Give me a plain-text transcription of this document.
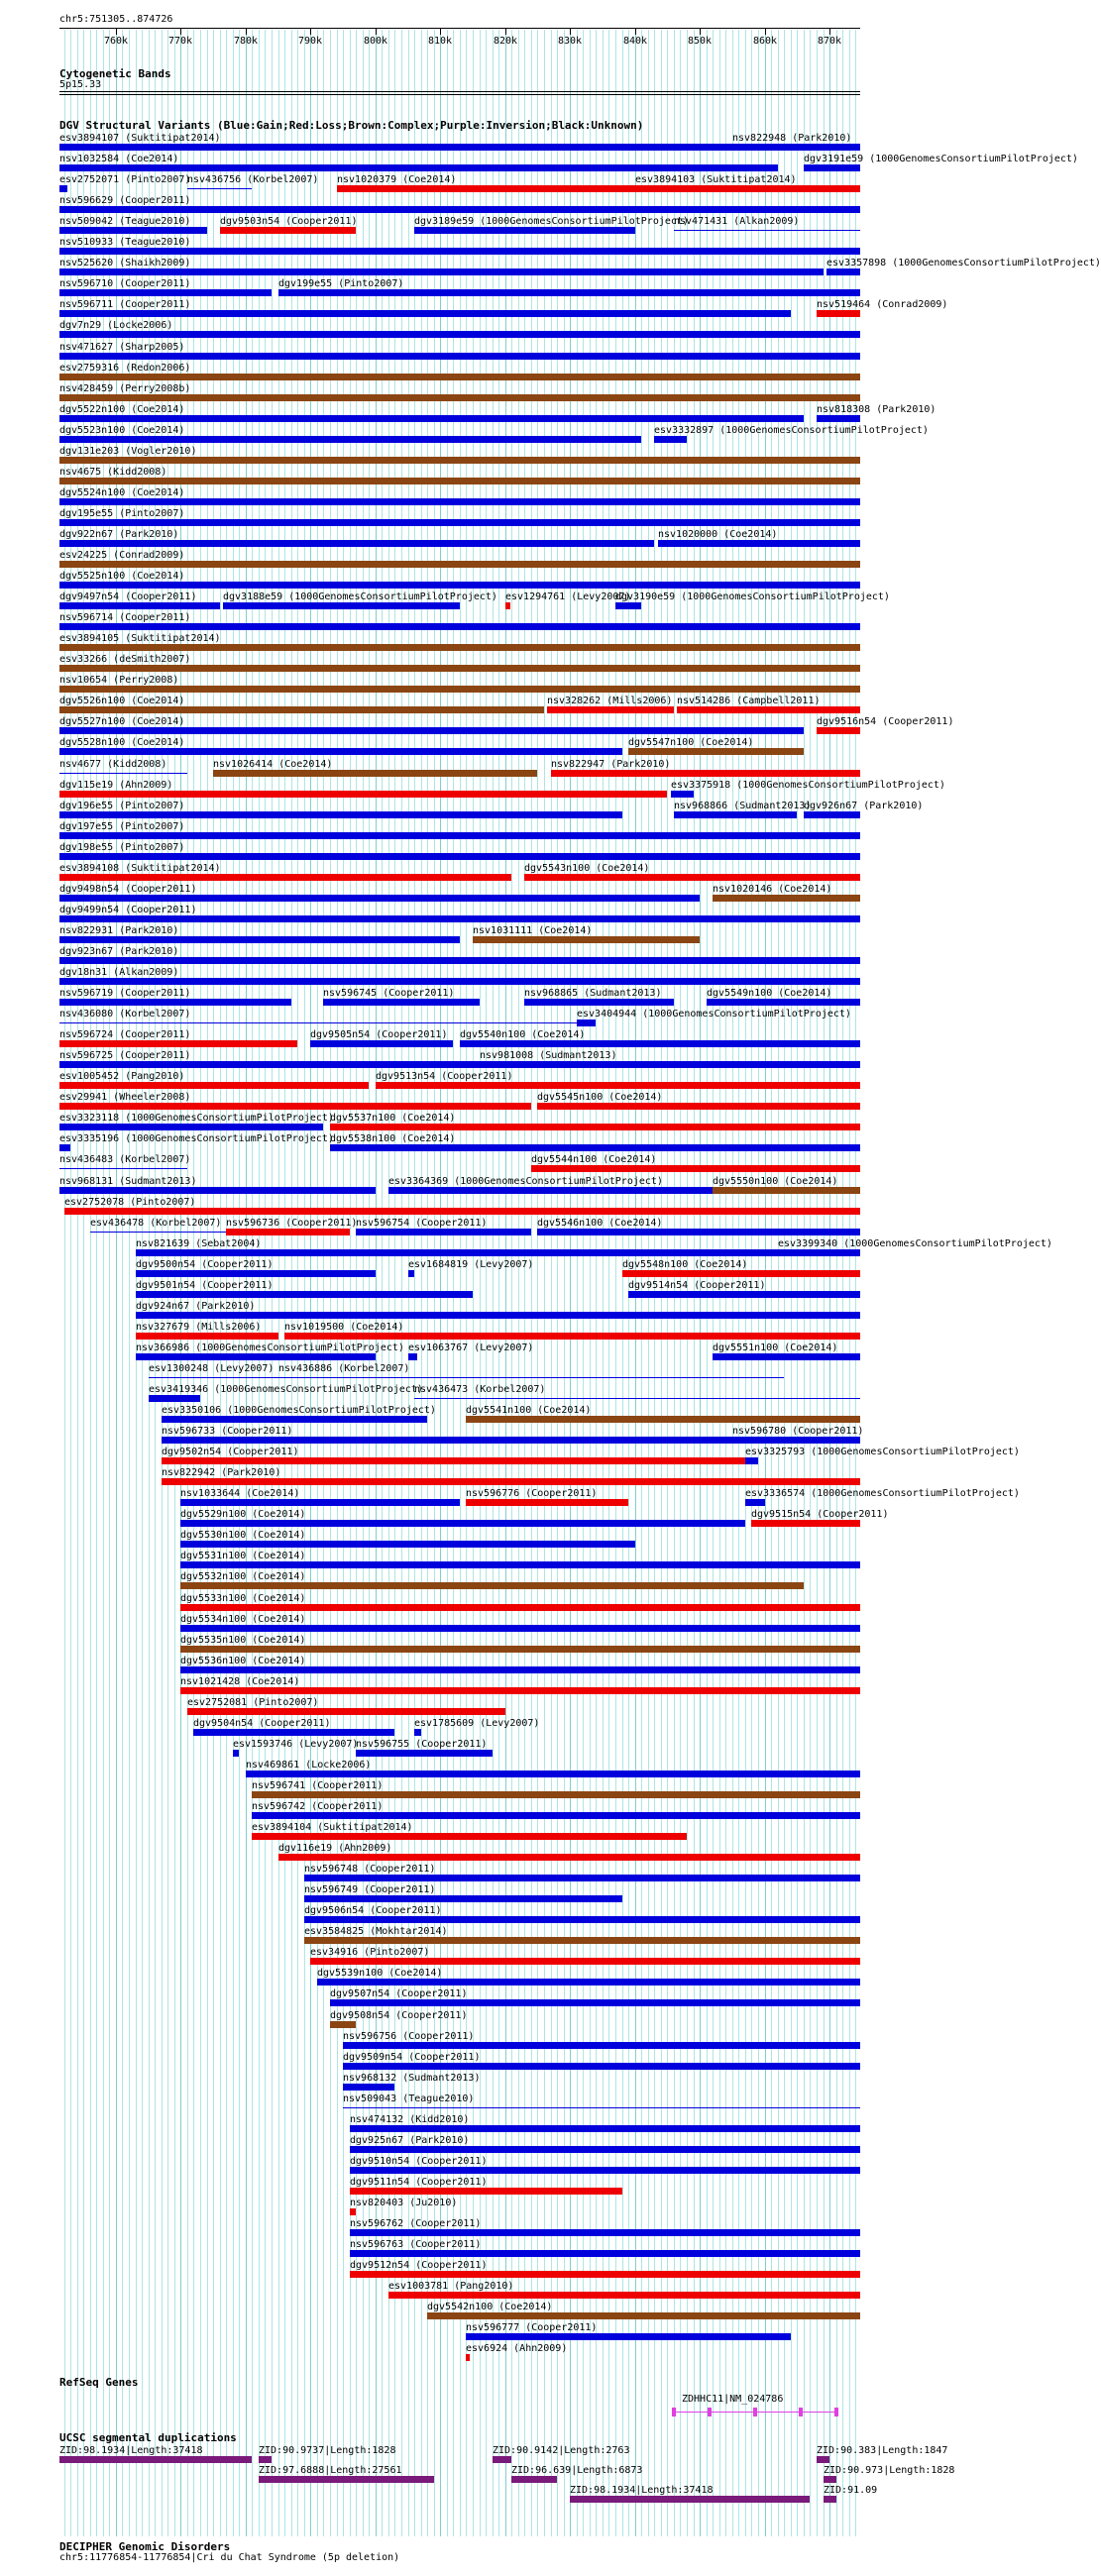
chr5:751305..874726
760k	770k	780k	790k	800k	810k	820k	830k	840k	850k	860k	870k
Cytogenetic Bands
5p15.33
DGV Structural Variants (Blue:Gain;Red:Loss;Brown:Complex;Purple:Inversion;Black:Unknown)
esv3894107 (Suktitipat2014)	nsv822948 (Park2010)
nsv1032584 (Coe2014)	dgv3191e59 (1000GenomesConsortiumPilotProject)
esv2752071 (Pinto2007)
nsv436756 (Korbel2007) nsv1020379 (Coe2014)	esv3894103 (Suktitipat2014)
nsv596629 (Cooper2011)
nsv509042 (Teague2010)	dgv9503n54 (Cooper2011)	dgv3189e59 (1000GenomesConsortiumPilotProject)
nsv471431 (Alkan2009)
nsv510933 (Teague2010)
nsv525620 (Shaikh2009)	esv3357898 (1000GenomesConsortiumPilotProject)
nsv596710 (Cooper2011)	dgv199e55 (Pinto2007)
nsv596711 (Cooper2011)	nsv519464 (Conrad2009)
dgv7n29 (Locke2006)
nsv471627 (Sharp2005)
esv2759316 (Redon2006)
nsv428459 (Perry2008b)
dgv5522n100 (Coe2014)	nsv818308 (Park2010)
dgv5523n100 (Coe2014)	esv3332897 (1000GenomesConsortiumPilotProject)
dgv131e203 (Vogler2010)
nsv4675 (Kidd2008)
dgv5524n100 (Coe2014)
dgv195e55 (Pinto2007)
dgv922n67 (Park2010)	nsv1020000 (Coe2014)
esv24225 (Conrad2009)
dgv5525n100 (Coe2014)
dgv9497n54 (Cooper2011)	dgv3188e59 (1000GenomesConsortiumPilotProject) esv1294761 (Levy2007)
dgv3190e59 (1000GenomesConsortiumPilotProject)
nsv596714 (Cooper2011)
esv3894105 (Suktitipat2014)
esv33266 (deSmith2007)
nsv10654 (Perry2008)
dgv5526n100 (Coe2014)	nsv328262 (Mills2006) nsv514286 (Campbell2011)
dgv5527n100 (Coe2014)	dgv9516n54 (Cooper2011)
dgv5528n100 (Coe2014)	dgv5547n100 (Coe2014)
nsv4677 (Kidd2008)	nsv1026414 (Coe2014)	nsv822947 (Park2010)
dgv115e19 (Ahn2009)	esv3375918 (1000GenomesConsortiumPilotProject)
dgv196e55 (Pinto2007)	nsv968866 (Sudmant2013)
dgv926n67 (Park2010)
dgv197e55 (Pinto2007)
dgv198e55 (Pinto2007)
esv3894108 (Suktitipat2014)	dgv5543n100 (Coe2014)
dgv9498n54 (Cooper2011)	nsv1020146 (Coe2014)
dgv9499n54 (Cooper2011)
nsv822931 (Park2010)	nsv1031111 (Coe2014)
dgv923n67 (Park2010)
dgv18n31 (Alkan2009)
nsv596719 (Cooper2011)	nsv596745 (Cooper2011)	nsv968865 (Sudmant2013)	dgv5549n100 (Coe2014)
nsv436080 (Korbel2007)	esv3404944 (1000GenomesConsortiumPilotProject)
nsv596724 (Cooper2011)	dgv9505n54 (Cooper2011) dgv5540n100 (Coe2014)
nsv596725 (Cooper2011)	nsv981008 (Sudmant2013)
esv1005452 (Pang2010)	dgv9513n54 (Cooper2011)
esv29941 (Wheeler2008)	dgv5545n100 (Coe2014)
esv3323118 (1000GenomesConsortiumPilotProject)
dgv5537n100 (Coe2014)
esv3335196 (1000GenomesConsortiumPilotProject)
dgv5538n100 (Coe2014)
nsv436483 (Korbel2007)	dgv5544n100 (Coe2014)
nsv968131 (Sudmant2013)	esv3364369 (1000GenomesConsortiumPilotProject)	dgv5550n100 (Coe2014)
esv2752078 (Pinto2007)
esv436478 (Korbel2007) nsv596736 (Cooper2011)
nsv596754 (Cooper2011)	dgv5546n100 (Coe2014)
nsv821639 (Sebat2004)	esv3399340 (1000GenomesConsortiumPilotProject)
dgv9500n54 (Cooper2011)	esv1684819 (Levy2007)	dgv5548n100 (Coe2014)
dgv9501n54 (Cooper2011)	dgv9514n54 (Cooper2011)
dgv924n67 (Park2010)
nsv327679 (Mills2006) nsv1019500 (Coe2014)
nsv366986 (1000GenomesConsortiumPilotProject) esv1063767 (Levy2007)	dgv5551n100 (Coe2014)
esv1300248 (Levy2007) nsv436886 (Korbel2007)
esv3419346 (1000GenomesConsortiumPilotProject)
nsv436473 (Korbel2007)
esv3350106 (1000GenomesConsortiumPilotProject)	dgv5541n100 (Coe2014)
nsv596733 (Cooper2011)	nsv596780 (Cooper2011)
dgv9502n54 (Cooper2011)	esv3325793 (1000GenomesConsortiumPilotProject)
nsv822942 (Park2010)
nsv1033644 (Coe2014)	nsv596776 (Cooper2011)	esv3336574 (1000GenomesConsortiumPilotProject)
dgv5529n100 (Coe2014)	dgv9515n54 (Cooper2011)
dgv5530n100 (Coe2014)
dgv5531n100 (Coe2014)
dgv5532n100 (Coe2014)
dgv5533n100 (Coe2014)
dgv5534n100 (Coe2014)
dgv5535n100 (Coe2014)
dgv5536n100 (Coe2014)
nsv1021428 (Coe2014)
esv2752081 (Pinto2007)
dgv9504n54 (Cooper2011)	esv1785609 (Levy2007)
esv1593746 (Levy2007)
nsv596755 (Cooper2011)
nsv469861 (Locke2006)
nsv596741 (Cooper2011)
nsv596742 (Cooper2011)
esv3894104 (Suktitipat2014)
dgv116e19 (Ahn2009)
nsv596748 (Cooper2011)
nsv596749 (Cooper2011)
dgv9506n54 (Cooper2011)
esv3584825 (Mokhtar2014)
esv34916 (Pinto2007)
dgv5539n100 (Coe2014)
dgv9507n54 (Cooper2011)
dgv9508n54 (Cooper2011)
nsv596756 (Cooper2011)
dgv9509n54 (Cooper2011)
nsv968132 (Sudmant2013)
nsv509043 (Teague2010)
nsv474132 (Kidd2010)
dgv925n67 (Park2010)
dgv9510n54 (Cooper2011)
dgv9511n54 (Cooper2011)
nsv820403 (Ju2010)
nsv596762 (Cooper2011)
nsv596763 (Cooper2011)
dgv9512n54 (Cooper2011)
esv1003781 (Pang2010)
dgv5542n100 (Coe2014)
nsv596777 (Cooper2011)
esv6924 (Ahn2009)
RefSeq Genes
ZDHHC11|NM_024786
UCSC segmental duplications
ZID:98.1934|Length:37418	ZID:90.9737|Length:1828	ZID:90.9142|Length:2763	ZID:90.383|Length:1847
ZID:97.6888|Length:27561	ZID:96.639|Length:6873	ZID:90.973|Length:1828
ZID:98.1934|Length:37418	ZID:91.09
DECIPHER Genomic Disorders
chr5:11776854-11776854|Cri du Chat Syndrome (5p deletion)
